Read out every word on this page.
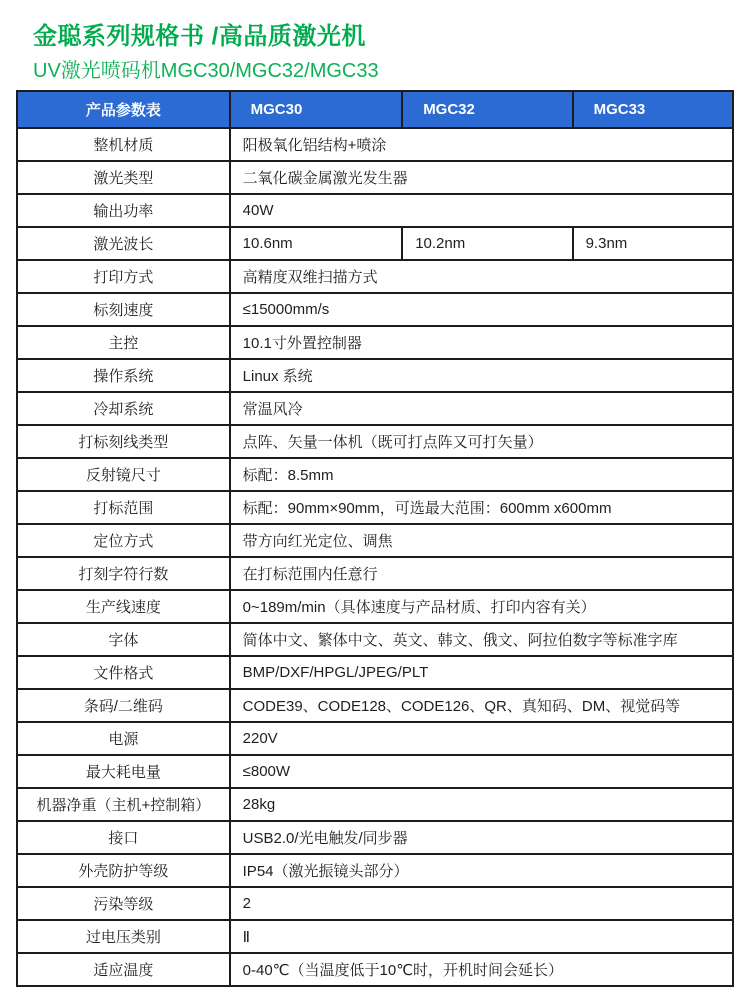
金聪系列规格书 /高品质激光机
UV激光喷码机MGC30/MGC32/MGC33
产品参数表	MGC30	MGC32	MGC33
整机材质	阳极氧化铝结构+喷涂		
激光类型	二氧化碳金属激光发生器		
输出功率	40W		
激光波长	10.6nm	10.2nm	9.3nm
打印方式	高精度双维扫描方式		
标刻速度	≤15000mm/s		
主控	10.1寸外置控制器		
操作系统	Linux 系统		
冷却系统	常温风冷		
打标刻线类型	点阵、矢量一体机（既可打点阵又可打矢量）		
反射镜尺寸	标配：8.5mm		
打标范围	标配：90mm×90mm，可选最大范围：600mm x600mm		
定位方式	带方向红光定位、调焦		
打刻字符行数	在打标范围内任意行		
生产线速度	0~189m/min（具体速度与产品材质、打印内容有关）		
字体	简体中文、繁体中文、英文、韩文、俄文、阿拉伯数字等标准字库		
文件格式	BMP/DXF/HPGL/JPEG/PLT		
条码/二维码	CODE39、CODE128、CODE126、QR、真知码、DM、视觉码等		
电源	220V		
最大耗电量	≤800W		
机器净重（主机+控制箱）	28kg		
接口	USB2.0/光电触发/同步器		
外壳防护等级	IP54（激光振镜头部分）		
污染等级	2		
过电压类别	Ⅱ		
适应温度	0-40℃（当温度低于10℃时，开机时间会延长）		
